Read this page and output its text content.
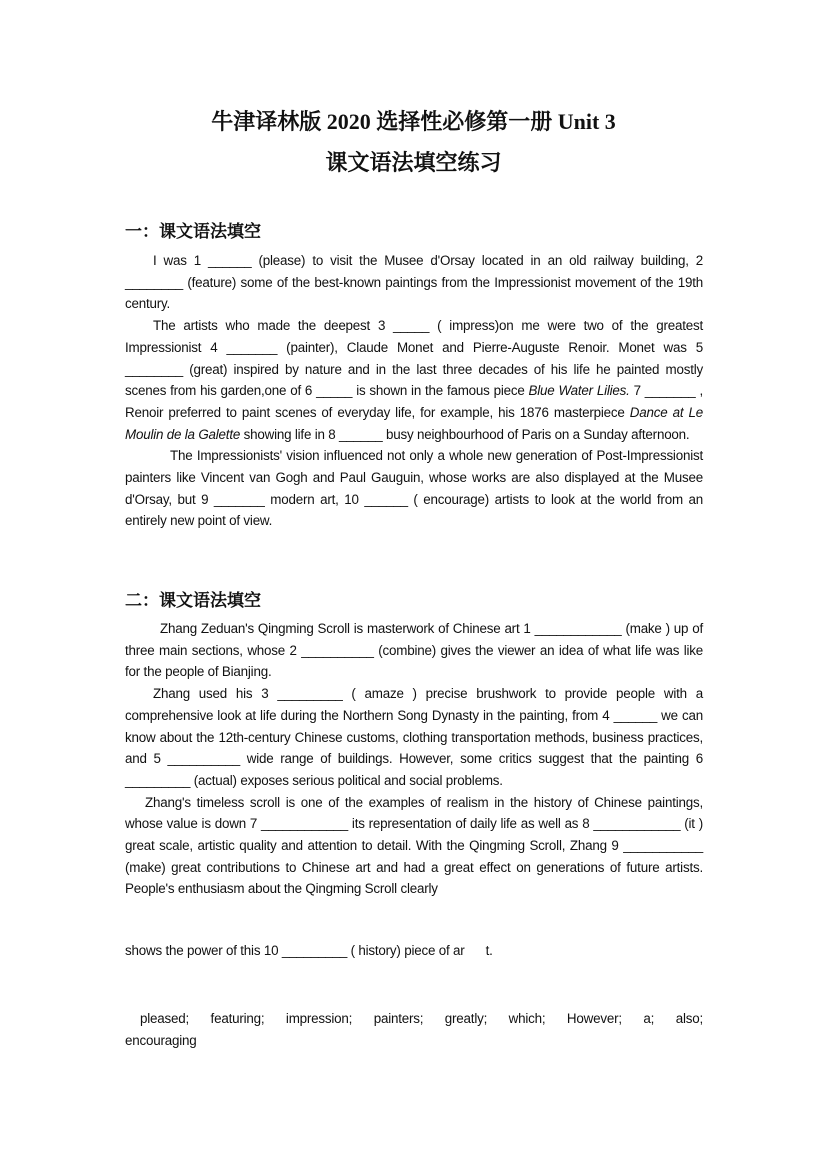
牛津译林版 2020 选择性必修第一册 Unit 3
课文语法填空练习
一：课文语法填空

I was 1 ______ (please) to visit the Musee d'Orsay located in an old railway building, 2 ________ (feature) some of the best-known paintings from the Impressionist movement of the 19th century.

The artists who made the deepest 3 _____ ( impress)on me were two of the greatest Impressionist 4 _______ (painter), Claude Monet and Pierre-Auguste Renoir. Monet was 5 ________ (great) inspired by nature and in the last three decades of his life he painted mostly scenes from his garden,one of 6 _____ is shown in the famous piece Blue Water Lilies. 7 _______ , Renoir preferred to paint scenes of everyday life, for example, his 1876 masterpiece Dance at Le Moulin de la Galette showing life in 8 ______ busy neighbourhood of Paris on a Sunday afternoon.

The Impressionists' vision influenced not only a whole new generation of Post-Impressionist painters like Vincent van Gogh and Paul Gauguin, whose works are also displayed at the Musee d'Orsay, but 9 _______ modern art, 10 ______ ( encourage) artists to look at the world from an entirely new point of view.

二：课文语法填空

Zhang Zeduan's Qingming Scroll is masterwork of Chinese art 1 ____________ (make ) up of three main sections, whose 2 __________ (combine) gives the viewer an idea of what life was like for the people of Bianjing.

Zhang used his 3 _________ ( amaze ) precise brushwork to provide people with a comprehensive look at life during the Northern Song Dynasty in the painting, from 4 ______ we can know about the 12th-century Chinese customs, clothing transportation methods, business practices, and 5 __________ wide range of buildings. However, some critics suggest that the painting 6 _________ (actual) exposes serious political and social problems.

Zhang's timeless scroll is one of the examples of realism in the history of Chinese paintings, whose value is down 7 ____________ its representation of daily life as well as 8 ____________ (it ) great scale, artistic quality and attention to detail. With the Qingming Scroll, Zhang 9 ___________ (make) great contributions to Chinese art and had a great effect on generations of future artists. People's enthusiasm about the Qingming Scroll clearly

shows the power of this 10 _________ ( history) piece of ar      t.
pleased; featuring; impression; painters; greatly; which; However; a; also; encouraging
